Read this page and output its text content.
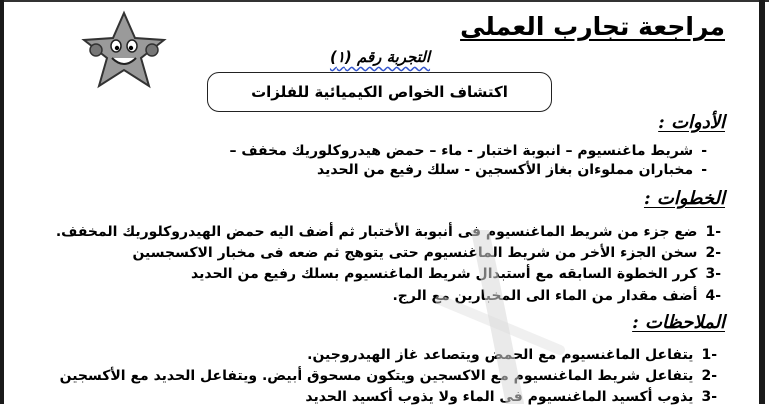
مراجعة تجارب العملى
التجربة رقم (١)
اكتشاف الخواص الكيميائية للفلزات
الأدوات :
-شريط ماغنسيوم – انبوبة اختبار - ماء – حمض هيدروكلوريك مخفف –
-مخباران مملوءان بغاز الأكسجين - سلك رفيع من الحديد
الخطوات :
-1ضع جزء من شريط الماغنسيوم فى أنبوبة الأختبار ثم أضف اليه حمض الهيدروكلوريك المخفف.
-2سخن الجزء الأخر من شريط الماغنسيوم حتى يتوهج ثم ضعه فى مخبار الاكسجسين
-3كرر الخطوة السابقه مع أستبدال شريط الماغنسيوم بسلك رفيع من الحديد
-4أضف مقدار من الماء الى المخبارين مع الرج.
الملاحظات :
-1يتفاعل الماغنسيوم مع الحمض ويتصاعد غاز الهيدروجين.
-2يتفاعل شريط الماغنسيوم مع الاكسجين ويتكون مسحوق أبيض. ويتفاعل الحديد مع الأكسجين
-3يذوب أكسيد الماغنسيوم فى الماء ولا يذوب أكسيد الحديد
